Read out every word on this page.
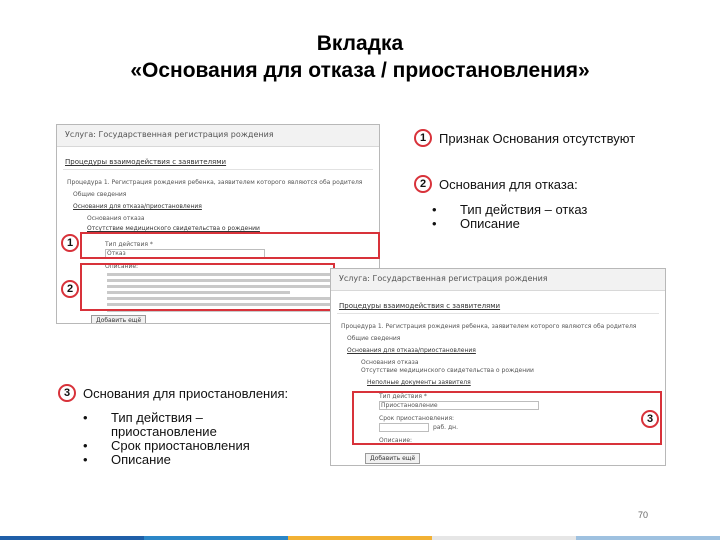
Вкладка
«Основания для отказа / приостановления»
Услуга: Государственная регистрация рождения
Процедуры взаимодействия с заявителями
Процедура 1. Регистрация рождения ребенка, заявителем которого являются оба родителя
Общие сведения
Основания для отказа/приостановления
Основания отказа
Отсутствие медицинского свидетельства о рождении
Тип действия *
Отказ
Описание:
Добавить ещё
Услуга: Государственная регистрация рождения
Процедуры взаимодействия с заявителями
Процедура 1. Регистрация рождения ребенка, заявителем которого являются оба родителя
Общие сведения
Основания для отказа/приостановления
Основания отказа
Отсутствие медицинского свидетельства о рождении
Неполные документы заявителя
Тип действия *
Приостановление
Срок приостановления:
раб. дн.
Описание:
Добавить ещё
1
2
1
2
3
3
Признак Основания отсутствуют
Основания для отказа:
• Тип действия – отказ
• Описание
Основания для приостановления:
• Тип действия –
приостановление
• Срок приостановления
• Описание
70
